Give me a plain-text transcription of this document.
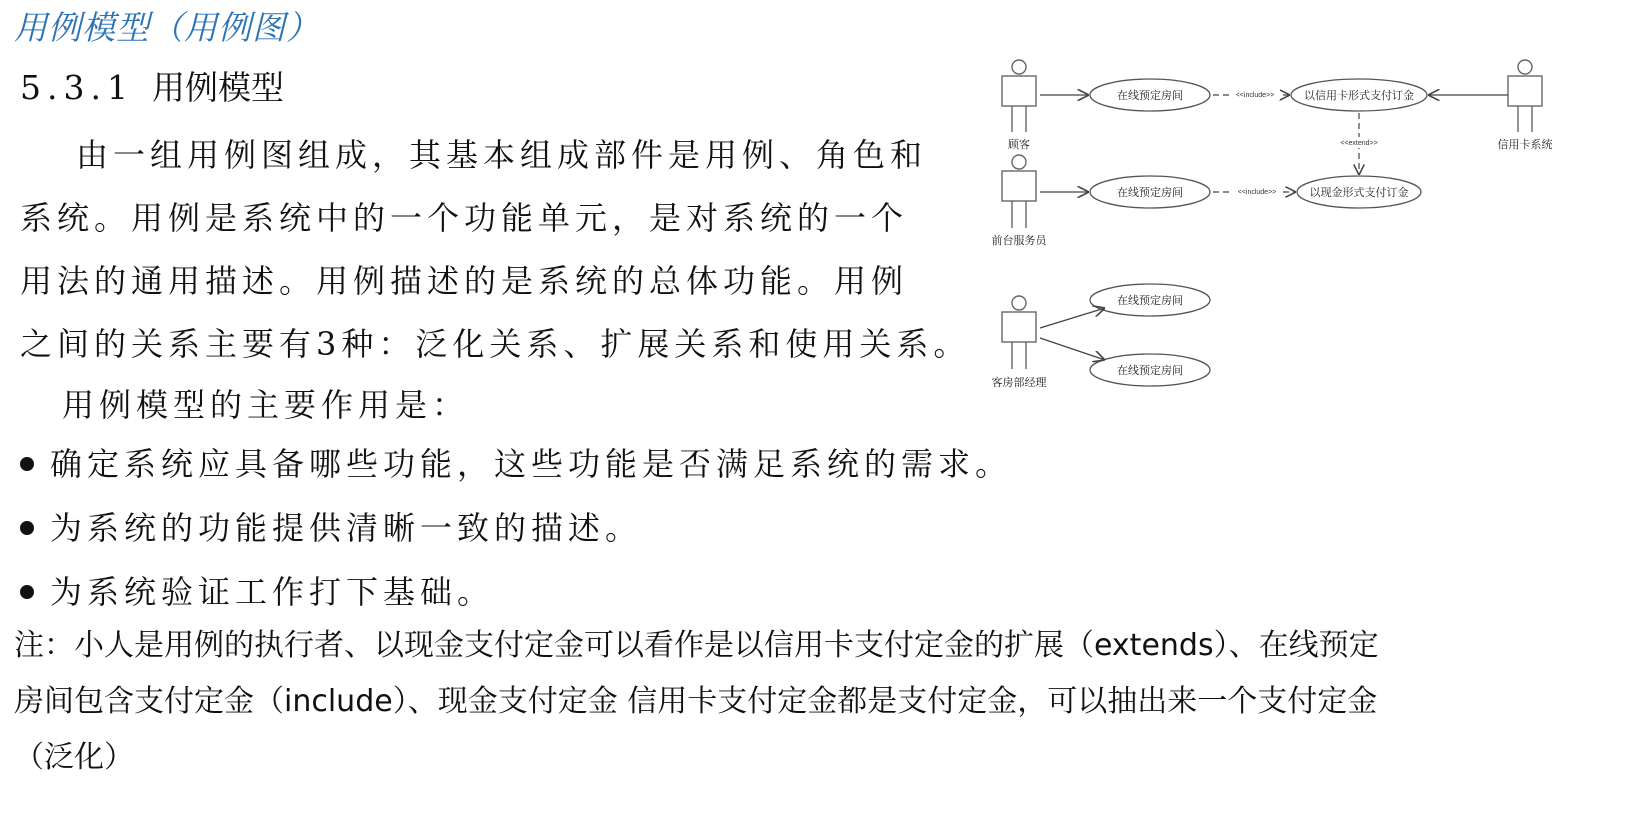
用例模型（用例图）
5.3.1 用例模型
由一组用例图组成，其基本组成部件是用例、角色和
系统。用例是系统中的一个功能单元，是对系统的一个
用法的通用描述。用例描述的是系统的总体功能。用例
之间的关系主要有3种：泛化关系、扩展关系和使用关系。
用例模型的主要作用是：
确定系统应具备哪些功能，这些功能是否满足系统的需求。
为系统的功能提供清晰一致的描述。
为系统验证工作打下基础。
注：小人是用例的执行者、以现金支付定金可以看作是以信用卡支付定金的扩展（extends）、在线预定
房间包含支付定金（include）、现金支付定金 信用卡支付定金都是支付定金，可以抽出来一个支付定金
（泛化）
顾客	信用卡系统
前台服务员
客房部经理
在线预定房间	以信用卡形式支付订金
在线预定房间	以现金形式支付订金
在线预定房间
在线预定房间
<<include>>
<<include>>
<<extend>>
